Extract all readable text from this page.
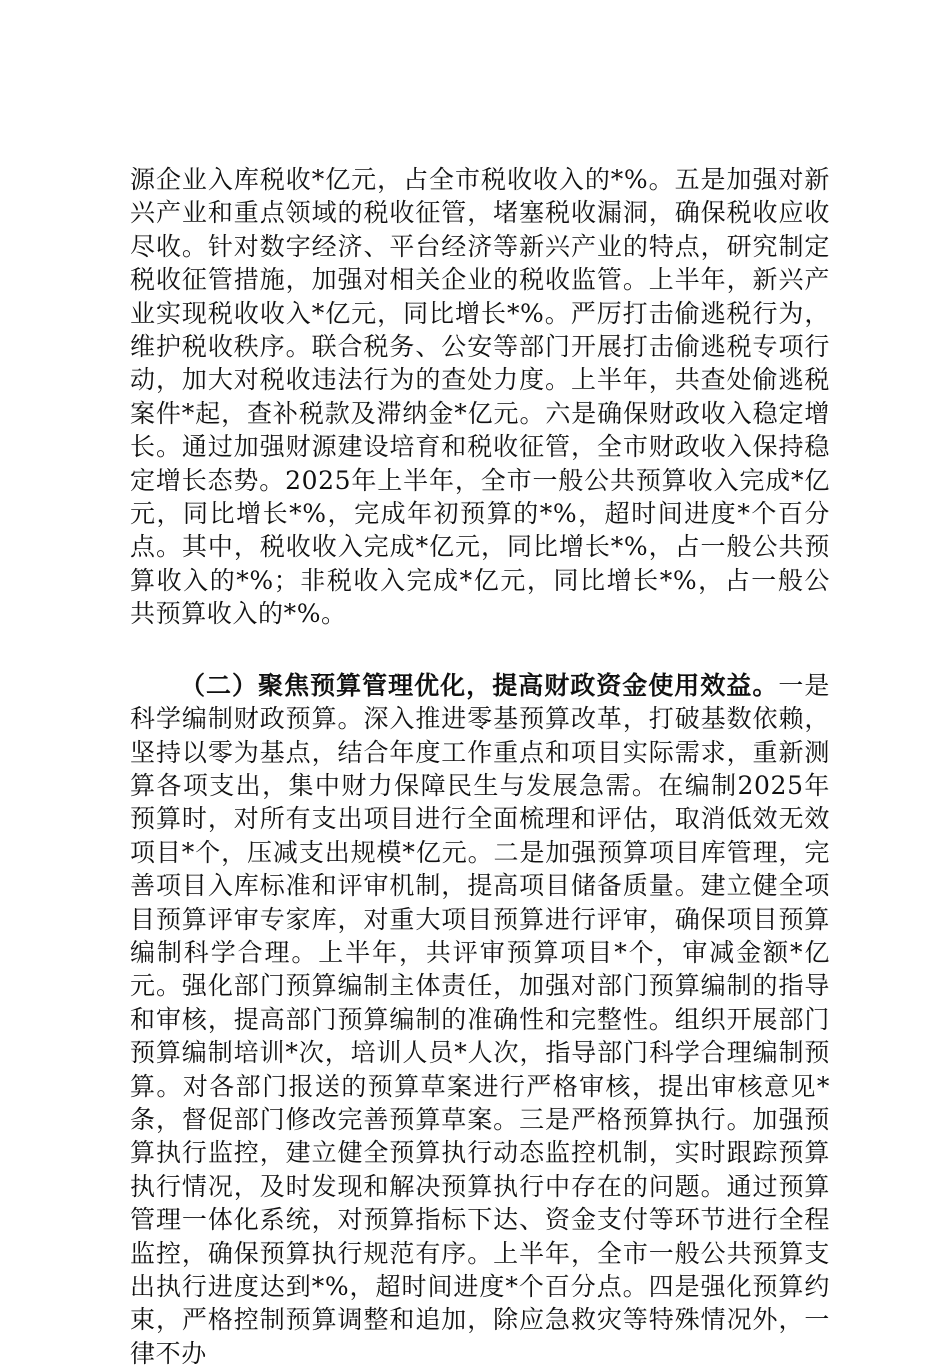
源企业入库税收*亿元，占全市税收收入的*%。五是加强对新兴产业和重点领域的税收征管，堵塞税收漏洞，确保税收应收尽收。针对数字经济、平台经济等新兴产业的特点，研究制定税收征管措施，加强对相关企业的税收监管。上半年，新兴产业实现税收收入*亿元，同比增长*%。严厉打击偷逃税行为，维护税收秩序。联合税务、公安等部门开展打击偷逃税专项行动，加大对税收违法行为的查处力度。上半年，共查处偷逃税案件*起，查补税款及滞纳金*亿元。六是确保财政收入稳定增长。通过加强财源建设培育和税收征管，全市财政收入保持稳定增长态势。2025年上半年，全市一般公共预算收入完成*亿元，同比增长*%，完成年初预算的*%，超时间进度*个百分点。其中，税收收入完成*亿元，同比增长*%，占一般公共预算收入的*%；非税收入完成*亿元，同比增长*%，占一般公共预算收入的*%。

（二）聚焦预算管理优化，提高财政资金使用效益。一是科学编制财政预算。深入推进零基预算改革，打破基数依赖，坚持以零为基点，结合年度工作重点和项目实际需求，重新测算各项支出，集中财力保障民生与发展急需。在编制2025年预算时，对所有支出项目进行全面梳理和评估，取消低效无效项目*个，压减支出规模*亿元。二是加强预算项目库管理，完善项目入库标准和评审机制，提高项目储备质量。建立健全项目预算评审专家库，对重大项目预算进行评审，确保项目预算编制科学合理。上半年，共评审预算项目*个，审减金额*亿元。强化部门预算编制主体责任，加强对部门预算编制的指导和审核，提高部门预算编制的准确性和完整性。组织开展部门预算编制培训*次，培训人员*人次，指导部门科学合理编制预算。对各部门报送的预算草案进行严格审核，提出审核意见*条，督促部门修改完善预算草案。三是严格预算执行。加强预算执行监控，建立健全预算执行动态监控机制，实时跟踪预算执行情况，及时发现和解决预算执行中存在的问题。通过预算管理一体化系统，对预算指标下达、资金支付等环节进行全程监控，确保预算执行规范有序。上半年，全市一般公共预算支出执行进度达到*%，超时间进度*个百分点。四是强化预算约束，严格控制预算调整和追加，除应急救灾等特殊情况外，一律不办
